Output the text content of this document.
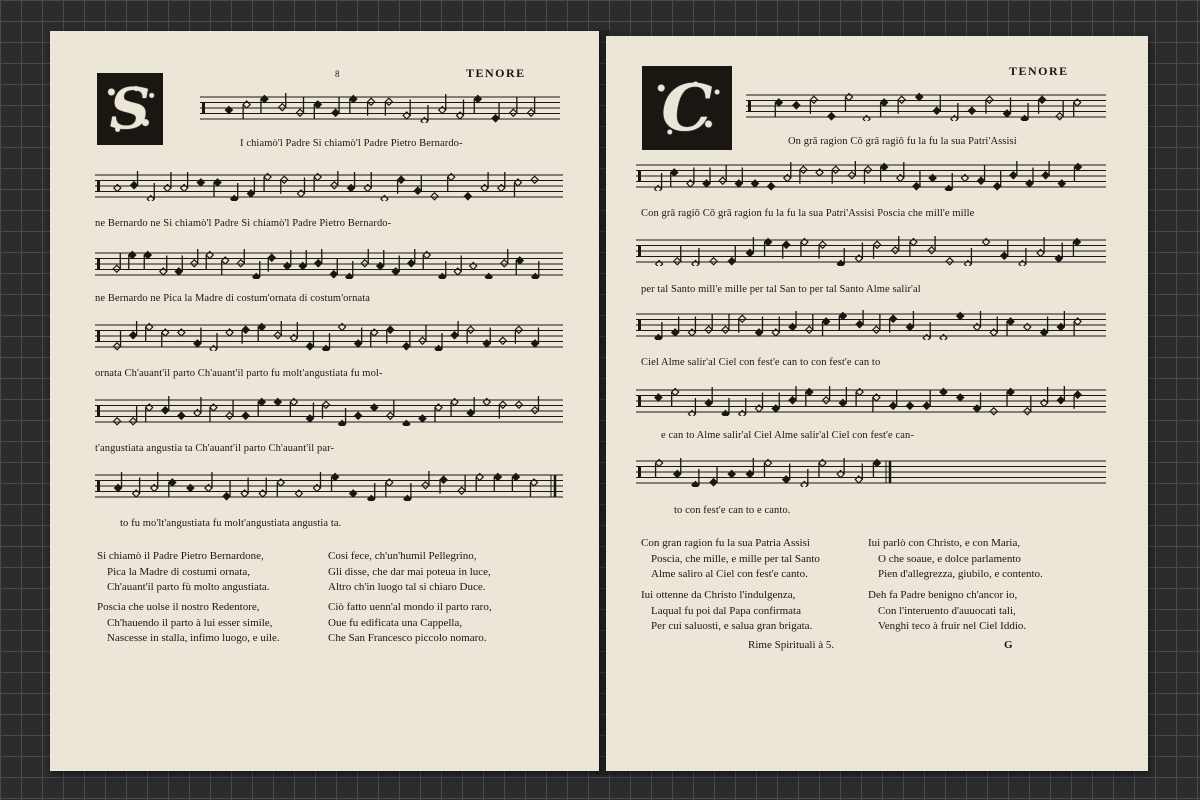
8	TENORE
S
I chiamò'l Padre Si chiamò'l Padre Pietro Bernardo-
ne Bernardo ne Si chiamò'l Padre Si chiamò'l Padre Pietro Bernardo-
ne Bernardo ne Pica la Madre di costum'ornata di costum'ornata
ornata Ch'auant'il parto Ch'auant'il parto fu molt'angustiata fu mol-
t'angustiata angustia ta Ch'auant'il parto Ch'auant'il par-
to fu mo'lt'angustiata fu molt'angustiata angustia ta.
Si chiamò il Padre Pietro Bernardone,
Pica la Madre di costumi ornata,
Ch'auant'il parto fù molto angustiata.
Cosi fece, ch'un'humil Pellegrino,
Gli disse, che dar mai poteua in luce,
Altro ch'in luogo tal si chiaro Duce.
Poscia che uolse il nostro Redentore,
Ch'hauendo il parto à lui esser simile,
Nascesse in stalla, infimo luogo, e uile.
Ciò fatto uenn'al mondo il parto raro,
Oue fu edificata una Cappella,
Che San Francesco piccolo nomaro.
TENORE
C	On grā ragion Cō grā ragiō fu la fu la sua Patri'Assisi
Con grā ragiō Cō grā ragion fu la fu la sua Patri'Assisi Poscia che mill'e mille
per tal Santo mill'e mille per tal San to per tal Santo Alme salir'al
Ciel Alme salir'al Ciel con fest'e can to con fest'e can to
e can to Alme salir'al Ciel Alme salir'al Ciel con fest'e can-
to con fest'e can to e canto.
Con gran ragion fu la sua Patria Assisi
Poscia, che mille, e mille per tal Santo
Alme saliro al Ciel con fest'e canto.
Iui parlò con Christo, e con Maria,
O che soaue, e dolce parlamento
Pien d'allegrezza, giubilo, e contento.
Iui ottenne da Christo l'indulgenza,
Laqual fu poi dal Papa confirmata
Per cui saluosti, e salua gran brigata.
Deh fa Padre benigno ch'ancor io,
Con l'interuento d'auuocati tali,
Venghi teco à fruir nel Ciel Iddio.
Rime Spirituali à 5.	G
